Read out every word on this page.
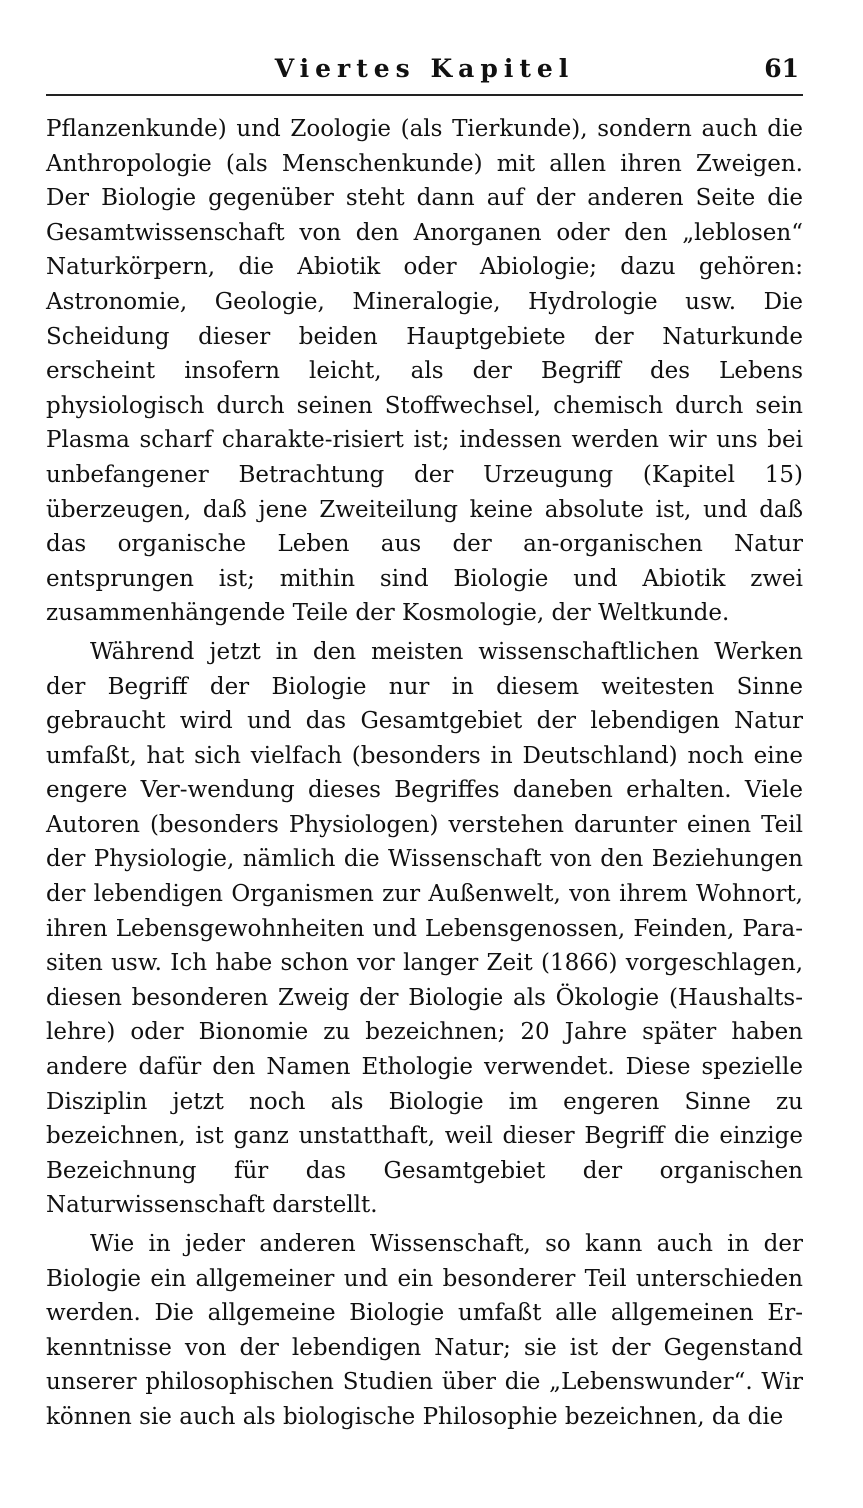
Viertes Kapitel	61

Pflanzenkunde) und Zoologie (als Tierkunde), sondern auch die Anthropologie (als Menschenkunde) mit allen ihren Zweigen. Der Biologie gegenüber steht dann auf der anderen Seite die Gesamtwissenschaft von den Anorganen oder den „leblosen“ Naturkörpern, die Abiotik oder Abiologie; dazu gehören: Astronomie, Geologie, Mineralogie, Hydrologie usw. Die Scheidung dieser beiden Hauptgebiete der Naturkunde erscheint insofern leicht, als der Begriff des Lebens physiologisch durch seinen Stoffwechsel, chemisch durch sein Plasma scharf charakte-risiert ist; indessen werden wir uns bei unbefangener Betrachtung der Urzeugung (Kapitel 15) überzeugen, daß jene Zweiteilung keine absolute ist, und daß das organische Leben aus der an-organischen Natur entsprungen ist; mithin sind Biologie und Abiotik zwei zusammenhängende Teile der Kosmologie, der Weltkunde.

Während jetzt in den meisten wissenschaftlichen Werken der Begriff der Biologie nur in diesem weitesten Sinne gebraucht wird und das Gesamtgebiet der lebendigen Natur umfaßt, hat sich vielfach (besonders in Deutschland) noch eine engere Ver-wendung dieses Begriffes daneben erhalten. Viele Autoren (besonders Physiologen) verstehen darunter einen Teil der Physiologie, nämlich die Wissenschaft von den Beziehungen der lebendigen Organismen zur Außenwelt, von ihrem Wohnort, ihren Lebensgewohnheiten und Lebensgenossen, Feinden, Para-siten usw. Ich habe schon vor langer Zeit (1866) vorgeschlagen, diesen besonderen Zweig der Biologie als Ökologie (Haushalts-lehre) oder Bionomie zu bezeichnen; 20 Jahre später haben andere dafür den Namen Ethologie verwendet. Diese spezielle Disziplin jetzt noch als Biologie im engeren Sinne zu bezeichnen, ist ganz unstatthaft, weil dieser Begriff die einzige Bezeichnung für das Gesamtgebiet der organischen Naturwissenschaft darstellt.

Wie in jeder anderen Wissenschaft, so kann auch in der Biologie ein allgemeiner und ein besonderer Teil unterschieden werden. Die allgemeine Biologie umfaßt alle allgemeinen Er-kenntnisse von der lebendigen Natur; sie ist der Gegenstand unserer philosophischen Studien über die „Lebenswunder“. Wir können sie auch als biologische Philosophie bezeichnen, da die
